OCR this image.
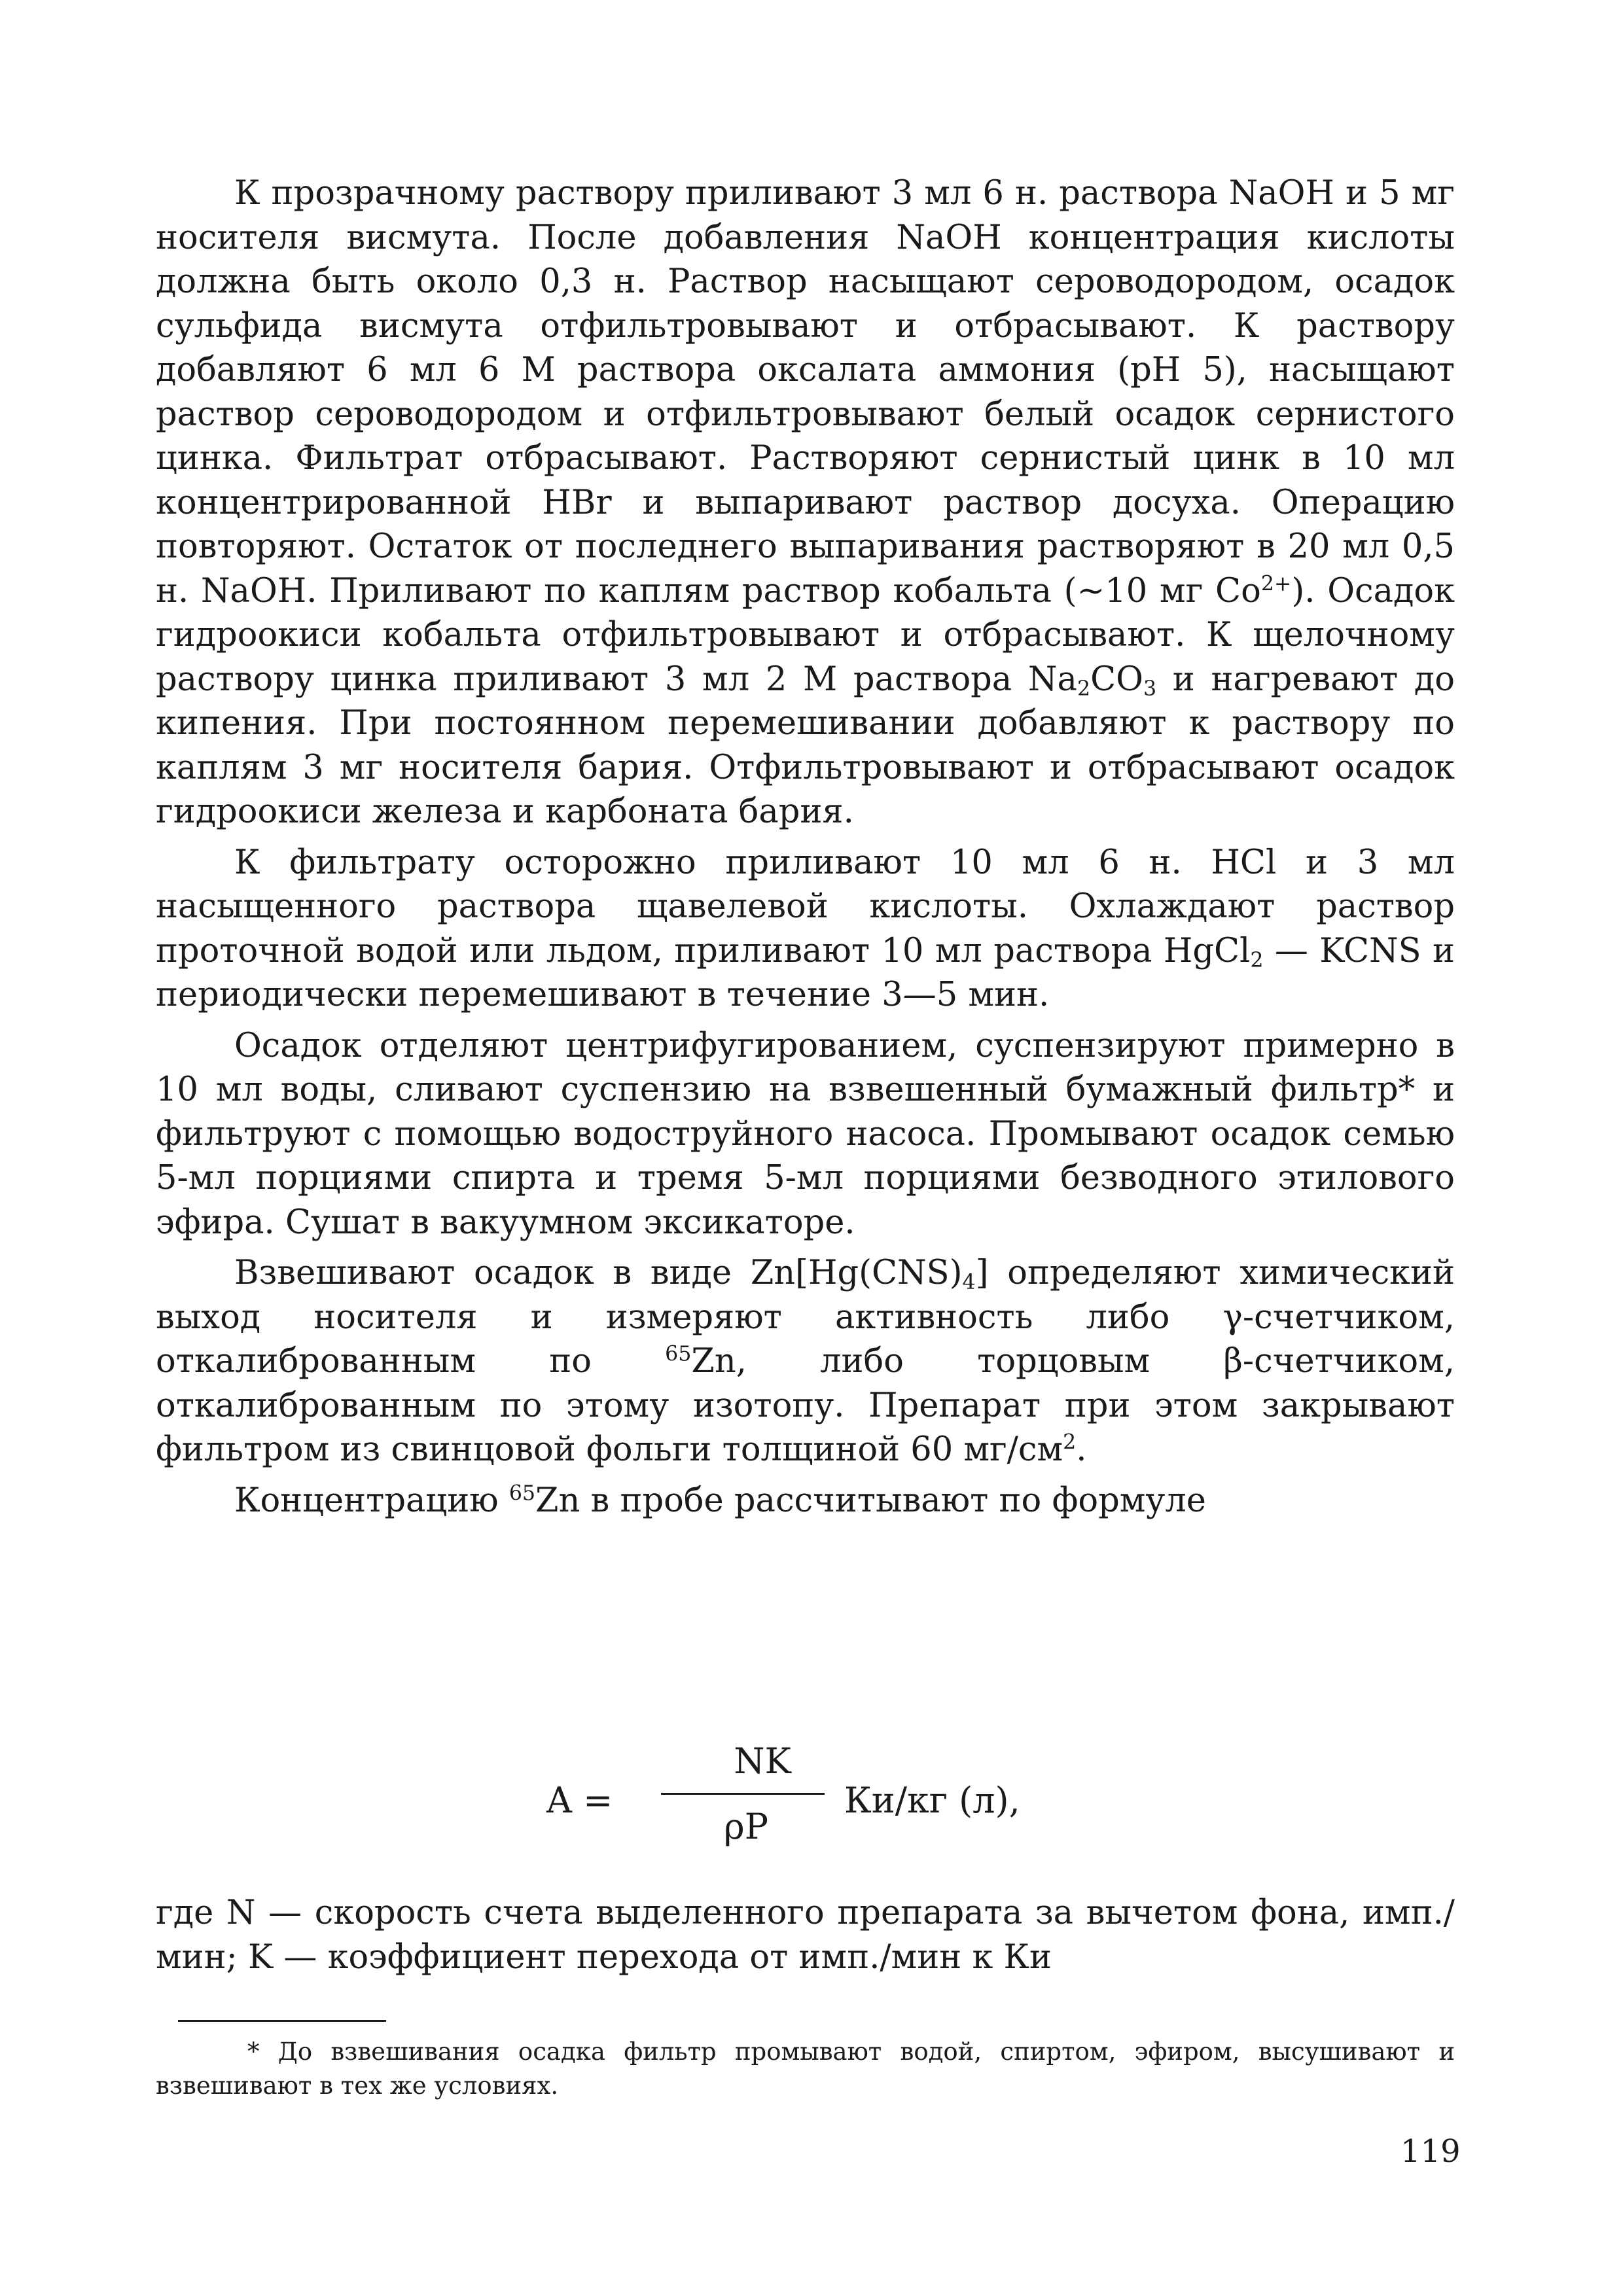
К прозрачному раствору приливают 3 мл 6 н. раствора NaOH и 5 мг носителя висмута. После добавления NaOH концентрация кислоты должна быть около 0,3 н. Раствор насыщают сероводородом, осадок сульфида висмута отфильтровывают и отбрасывают. К раствору добавляют 6 мл 6 М раствора оксалата аммония (pH 5), насыщают раствор сероводородом и отфильтровывают белый осадок сернистого цинка. Фильтрат отбрасывают. Растворяют сернистый цинк в 10 мл концентрированной HBr и выпаривают раствор досуха. Операцию повторяют. Остаток от последнего выпаривания растворяют в 20 мл 0,5 н. NaOH. Приливают по каплям раствор кобальта (~10 мг $Co^{2+}$). Осадок гидроокиси кобальта отфильтровывают и отбрасывают. К щелочному раствору цинка приливают 3 мл 2 М раствора $Na_2CO_3$ и нагревают до кипения. При постоянном перемешивании добавляют к раствору по каплям 3 мг носителя бария. Отфильтровывают и отбрасывают осадок гидроокиси железа и карбоната бария.

К фильтрату осторожно приливают 10 мл 6 н. HCl и 3 мл насыщенного раствора щавелевой кислоты. Охлаждают раствор проточной водой или льдом, приливают 10 мл раствора HgCl$_2$ — KCNS и периодически перемешивают в течение 3—5 мин.

Осадок отделяют центрифугированием, суспензируют примерно в 10 мл воды, сливают суспензию на взвешенный бумажный фильтр* и фильтруют с помощью водоструйного насоса. Промывают осадок семью 5-мл порциями спирта и тремя 5-мл порциями безводного этилового эфира. Сушат в вакуумном эксикаторе.

Взвешивают осадок в виде $Zn[Hg(CNS)_4]$ определяют химический выход носителя и измеряют активность либо γ-счетчиком, откалиброванным по $^{65}$Zn, либо торцовым β-счетчиком, откалиброванным по этому изотопу. Препарат при этом закрывают фильтром из свинцовой фольги толщиной 60 $мг/см^2$.

Концентрацию $^{65}$Zn в пробе рассчитывают по формуле

A =
NK
ρP
Ки/кг (л),

где N — скорость счета выделенного препарата за вычетом фона, имп./мин; K — коэффициент перехода от имп./мин к Ки

* До взвешивания осадка фильтр промывают водой, спиртом, эфиром, высушивают и взвешивают в тех же условиях.
119
